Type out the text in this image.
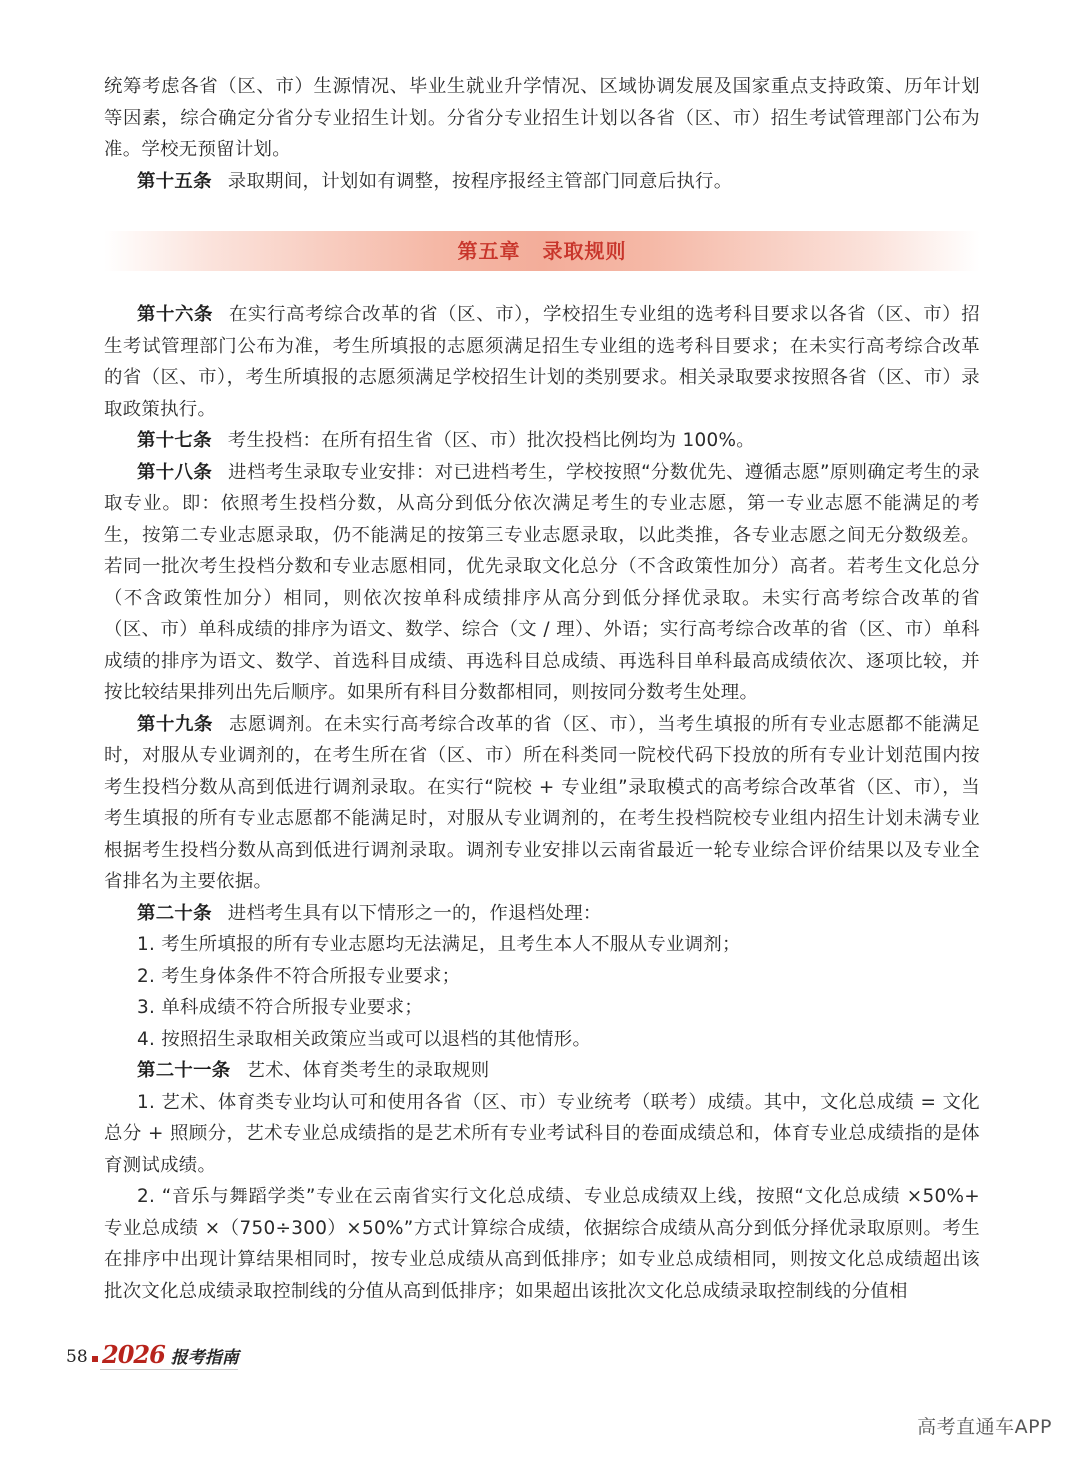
统筹考虑各省（区、市）生源情况、毕业生就业升学情况、区域协调发展及国家重点支持政策、历年计划等因素，综合确定分省分专业招生计划。分省分专业招生计划以各省（区、市）招生考试管理部门公布为准。学校无预留计划。

第十五条 录取期间，计划如有调整，按程序报经主管部门同意后执行。

第五章 录取规则

第十六条 在实行高考综合改革的省（区、市），学校招生专业组的选考科目要求以各省（区、市）招生考试管理部门公布为准，考生所填报的志愿须满足招生专业组的选考科目要求；在未实行高考综合改革的省（区、市），考生所填报的志愿须满足学校招生计划的类别要求。相关录取要求按照各省（区、市）录取政策执行。

第十七条 考生投档：在所有招生省（区、市）批次投档比例均为 100%。

第十八条 进档考生录取专业安排：对已进档考生，学校按照“分数优先、遵循志愿”原则确定考生的录取专业。即：依照考生投档分数，从高分到低分依次满足考生的专业志愿，第一专业志愿不能满足的考生，按第二专业志愿录取，仍不能满足的按第三专业志愿录取，以此类推，各专业志愿之间无分数级差。若同一批次考生投档分数和专业志愿相同，优先录取文化总分（不含政策性加分）高者。若考生文化总分（不含政策性加分）相同，则依次按单科成绩排序从高分到低分择优录取。未实行高考综合改革的省（区、市）单科成绩的排序为语文、数学、综合（文 / 理）、外语；实行高考综合改革的省（区、市）单科成绩的排序为语文、数学、首选科目成绩、再选科目总成绩、再选科目单科最高成绩依次、逐项比较，并按比较结果排列出先后顺序。如果所有科目分数都相同，则按同分数考生处理。

第十九条 志愿调剂。在未实行高考综合改革的省（区、市），当考生填报的所有专业志愿都不能满足时，对服从专业调剂的，在考生所在省（区、市）所在科类同一院校代码下投放的所有专业计划范围内按考生投档分数从高到低进行调剂录取。在实行“院校 + 专业组”录取模式的高考综合改革省（区、市），当考生填报的所有专业志愿都不能满足时，对服从专业调剂的，在考生投档院校专业组内招生计划未满专业根据考生投档分数从高到低进行调剂录取。调剂专业安排以云南省最近一轮专业综合评价结果以及专业全省排名为主要依据。

第二十条 进档考生具有以下情形之一的，作退档处理：

1. 考生所填报的所有专业志愿均无法满足，且考生本人不服从专业调剂；

2. 考生身体条件不符合所报专业要求；

3. 单科成绩不符合所报专业要求；

4. 按照招生录取相关政策应当或可以退档的其他情形。

第二十一条 艺术、体育类考生的录取规则

1. 艺术、体育类专业均认可和使用各省（区、市）专业统考（联考）成绩。其中，文化总成绩 = 文化总分 + 照顾分，艺术专业总成绩指的是艺术所有专业考试科目的卷面成绩总和，体育专业总成绩指的是体育测试成绩。

2. “音乐与舞蹈学类”专业在云南省实行文化总成绩、专业总成绩双上线，按照“文化总成绩 ×50%+ 专业总成绩 ×（750÷300）×50%”方式计算综合成绩，依据综合成绩从高分到低分择优录取原则。考生在排序中出现计算结果相同时，按专业总成绩从高到低排序；如专业总成绩相同，则按文化总成绩超出该批次文化总成绩录取控制线的分值从高到低排序；如果超出该批次文化总成绩录取控制线的分值相

58 2026 报考指南
高考直通车APP
